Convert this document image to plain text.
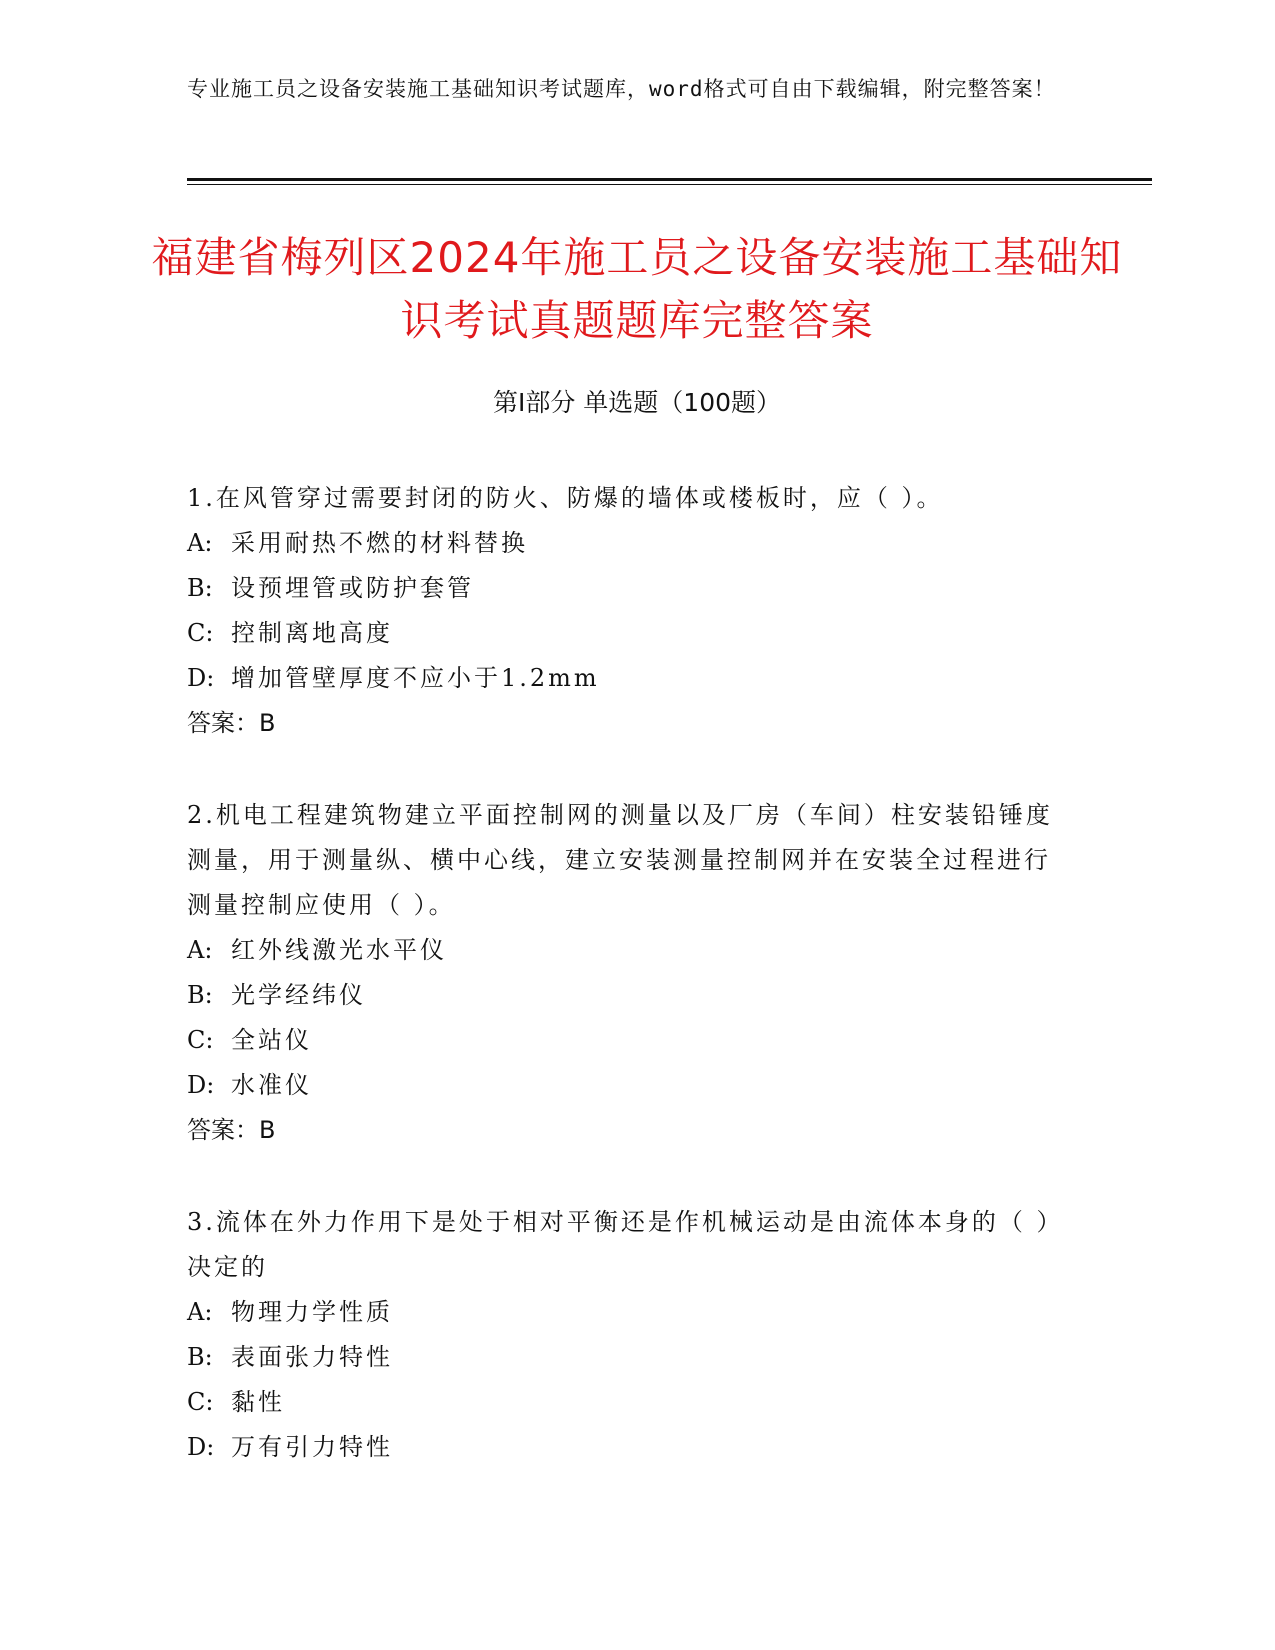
专业施工员之设备安装施工基础知识考试题库，word格式可自由下载编辑，附完整答案！
福建省梅列区2024年施工员之设备安装施工基础知识考试真题题库完整答案
第Ⅰ部分 单选题（100题）

1.在风管穿过需要封闭的防火、防爆的墙体或楼板时，应（ ）。

A: 采用耐热不燃的材料替换

B: 设预埋管或防护套管

C: 控制离地高度

D: 增加管壁厚度不应小于1.2mm

答案：B

2.机电工程建筑物建立平面控制网的测量以及厂房（车间）柱安装铅锤度测量，用于测量纵、横中心线，建立安装测量控制网并在安装全过程进行测量控制应使用（ ）。

A: 红外线激光水平仪

B: 光学经纬仪

C: 全站仪

D: 水准仪

答案：B

3.流体在外力作用下是处于相对平衡还是作机械运动是由流体本身的（ ）决定的

A: 物理力学性质

B: 表面张力特性

C: 黏性

D: 万有引力特性
